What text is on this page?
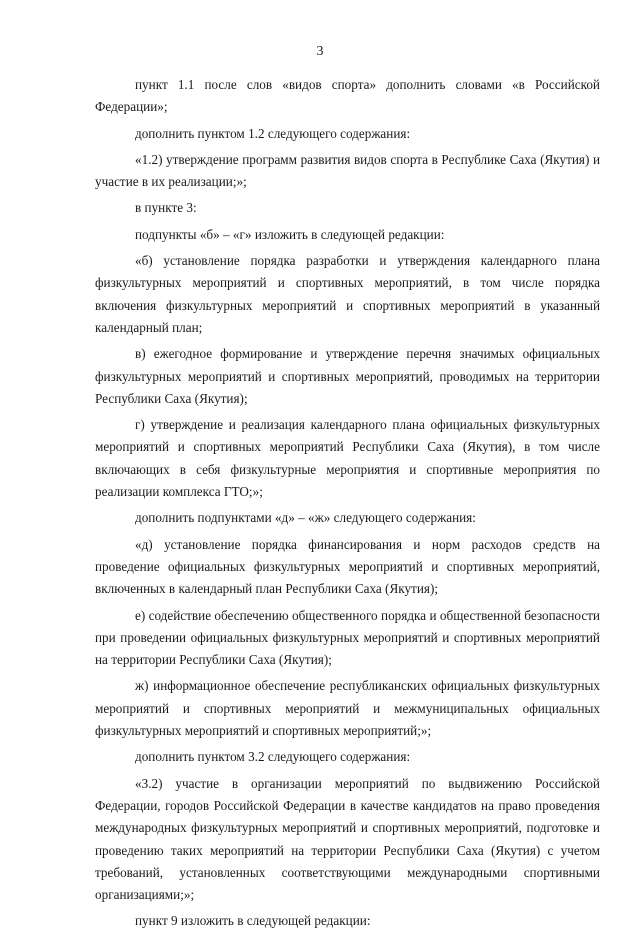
3

пункт 1.1 после слов «видов спорта» дополнить словами «в Российской Федерации»;

дополнить пунктом 1.2 следующего содержания:

«1.2) утверждение программ развития видов спорта в Республике Саха (Якутия) и участие в их реализации;»;

в пункте 3:

подпункты «б» – «г» изложить в следующей редакции:

«б) установление порядка разработки и утверждения календарного плана физкультурных мероприятий и спортивных мероприятий, в том числе порядка включения физкультурных мероприятий и спортивных мероприятий в указанный календарный план;

в) ежегодное формирование и утверждение перечня значимых официальных физкультурных мероприятий и спортивных мероприятий, проводимых на территории Республики Саха (Якутия);

г) утверждение и реализация календарного плана официальных физкультурных мероприятий и спортивных мероприятий Республики Саха (Якутия), в том числе включающих в себя физкультурные мероприятия и спортивные мероприятия по реализации комплекса ГТО;»;

дополнить подпунктами «д» – «ж» следующего содержания:

«д) установление порядка финансирования и норм расходов средств на проведение официальных физкультурных мероприятий и спортивных мероприятий, включенных в календарный план Республики Саха (Якутия);

е) содействие обеспечению общественного порядка и общественной безопасности при проведении официальных физкультурных мероприятий и спортивных мероприятий на территории Республики Саха (Якутия);

ж) информационное обеспечение республиканских официальных физкультурных мероприятий и спортивных мероприятий и межмуниципальных официальных физкультурных мероприятий и спортивных мероприятий;»;

дополнить пунктом 3.2 следующего содержания:

«3.2) участие в организации мероприятий по выдвижению Российской Федерации, городов Российской Федерации в качестве кандидатов на право проведения международных физкультурных мероприятий и спортивных мероприятий, подготовке и проведению таких мероприятий на территории Республики Саха (Якутия) с учетом требований, установленных соответствующими международными спортивными организациями;»;

пункт 9 изложить в следующей редакции:
